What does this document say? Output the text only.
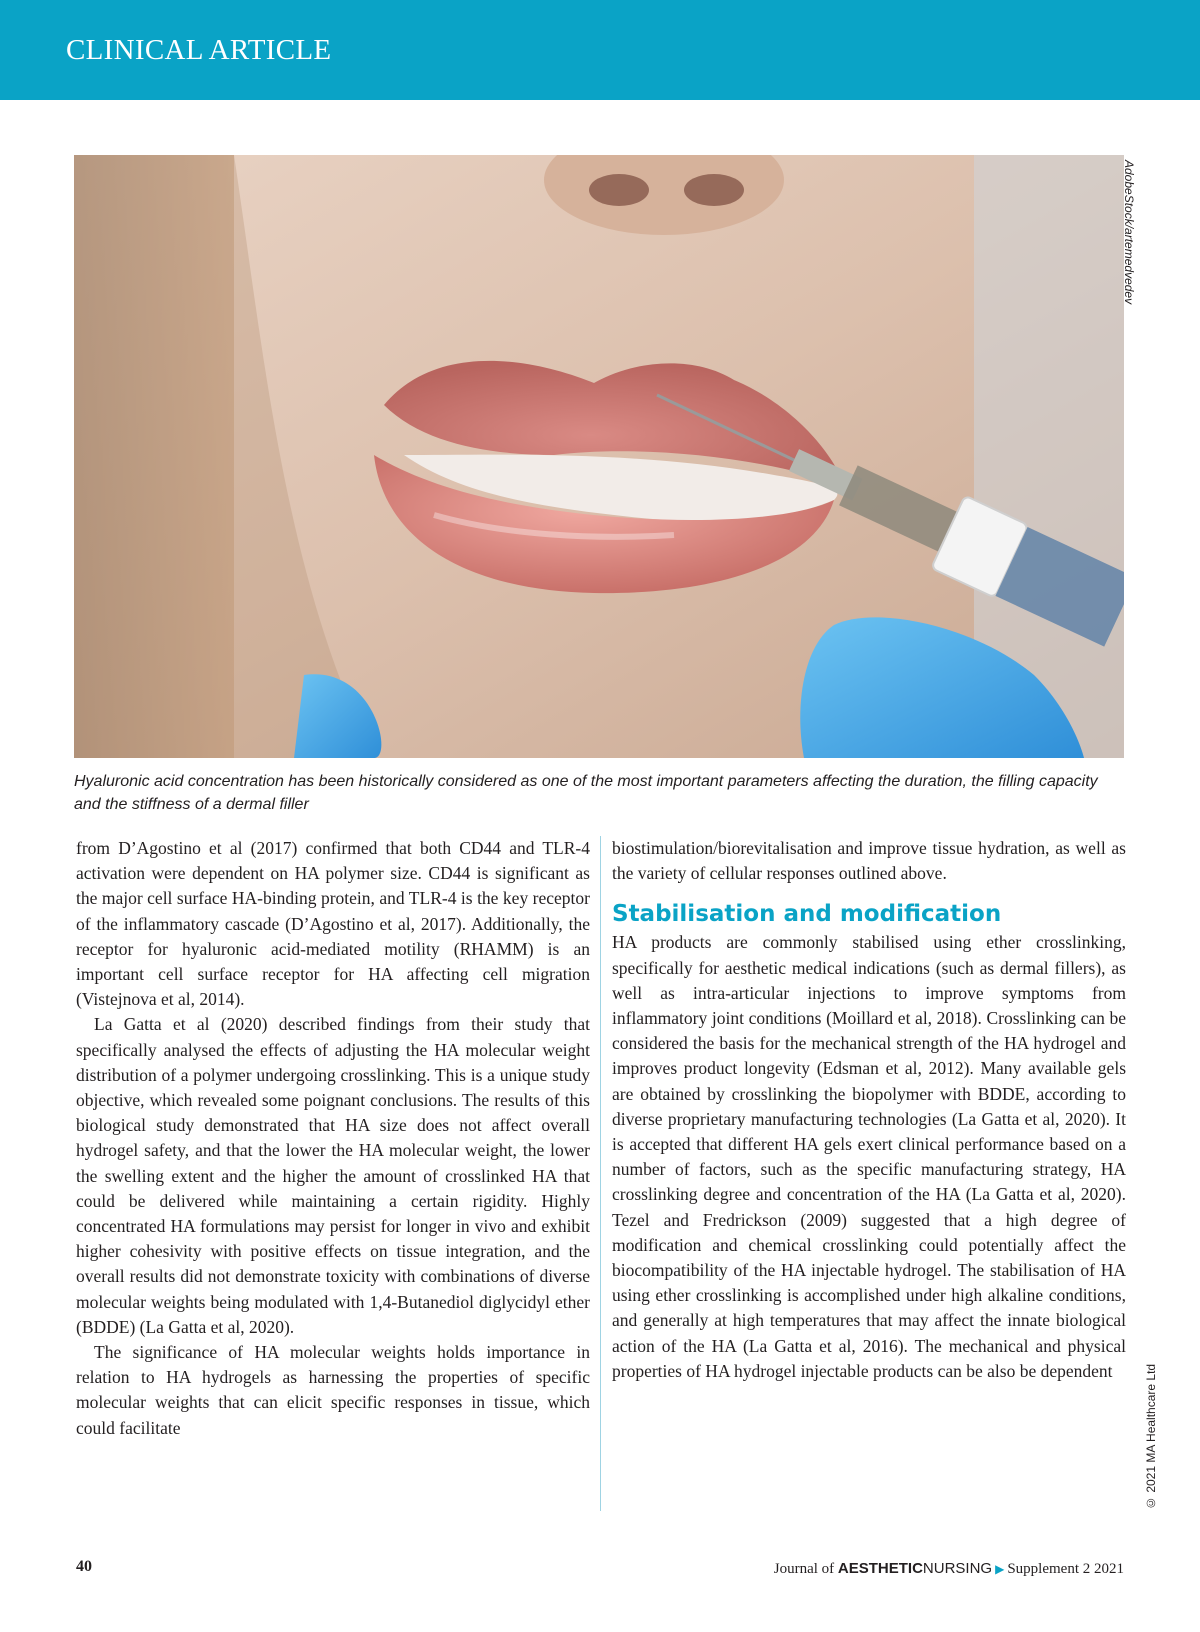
CLINICAL ARTICLE
AdobeStock/artemedvedev
Hyaluronic acid concentration has been historically considered as one of the most important parameters affecting the duration, the filling capacity and the stiffness of a dermal filler

from D’Agostino et al (2017) confirmed that both CD44 and TLR-4 activation were dependent on HA polymer size. CD44 is significant as the major cell surface HA-binding protein, and TLR-4 is the key receptor of the inflammatory cascade (D’Agostino et al, 2017). Additionally, the receptor for hyaluronic acid-mediated motility (RHAMM) is an important cell surface receptor for HA affecting cell migration (Vistejnova et al, 2014).

La Gatta et al (2020) described findings from their study that specifically analysed the effects of adjusting the HA molecular weight distribution of a polymer undergoing crosslinking. This is a unique study objective, which revealed some poignant conclusions. The results of this biological study demonstrated that HA size does not affect overall hydrogel safety, and that the lower the HA molecular weight, the lower the swelling extent and the higher the amount of crosslinked HA that could be delivered while maintaining a certain rigidity. Highly concentrated HA formulations may persist for longer in vivo and exhibit higher cohesivity with positive effects on tissue integration, and the overall results did not demonstrate toxicity with combinations of diverse molecular weights being modulated with 1,4-Butanediol diglycidyl ether (BDDE) (La Gatta et al, 2020).

The significance of HA molecular weights holds importance in relation to HA hydrogels as harnessing the properties of specific molecular weights that can elicit specific responses in tissue, which could facilitate

biostimulation/biorevitalisation and improve tissue hydration, as well as the variety of cellular responses outlined above.

Stabilisation and modification

HA products are commonly stabilised using ether crosslinking, specifically for aesthetic medical indications (such as dermal fillers), as well as intra-articular injections to improve symptoms from inflammatory joint conditions (Moillard et al, 2018). Crosslinking can be considered the basis for the mechanical strength of the HA hydrogel and improves product longevity (Edsman et al, 2012). Many available gels are obtained by crosslinking the biopolymer with BDDE, according to diverse proprietary manufacturing technologies (La Gatta et al, 2020). It is accepted that different HA gels exert clinical performance based on a number of factors, such as the specific manufacturing strategy, HA crosslinking degree and concentration of the HA (La Gatta et al, 2020). Tezel and Fredrickson (2009) suggested that a high degree of modification and chemical crosslinking could potentially affect the biocompatibility of the HA injectable hydrogel. The stabilisation of HA using ether crosslinking is accomplished under high alkaline conditions, and generally at high temperatures that may affect the innate biological action of the HA (La Gatta et al, 2016). The mechanical and physical properties of HA hydrogel injectable products can be also be dependent	© 2021 MA Healthcare Ltd
40	Journal of AESTHETICNURSING ▶ Supplement 2 2021
